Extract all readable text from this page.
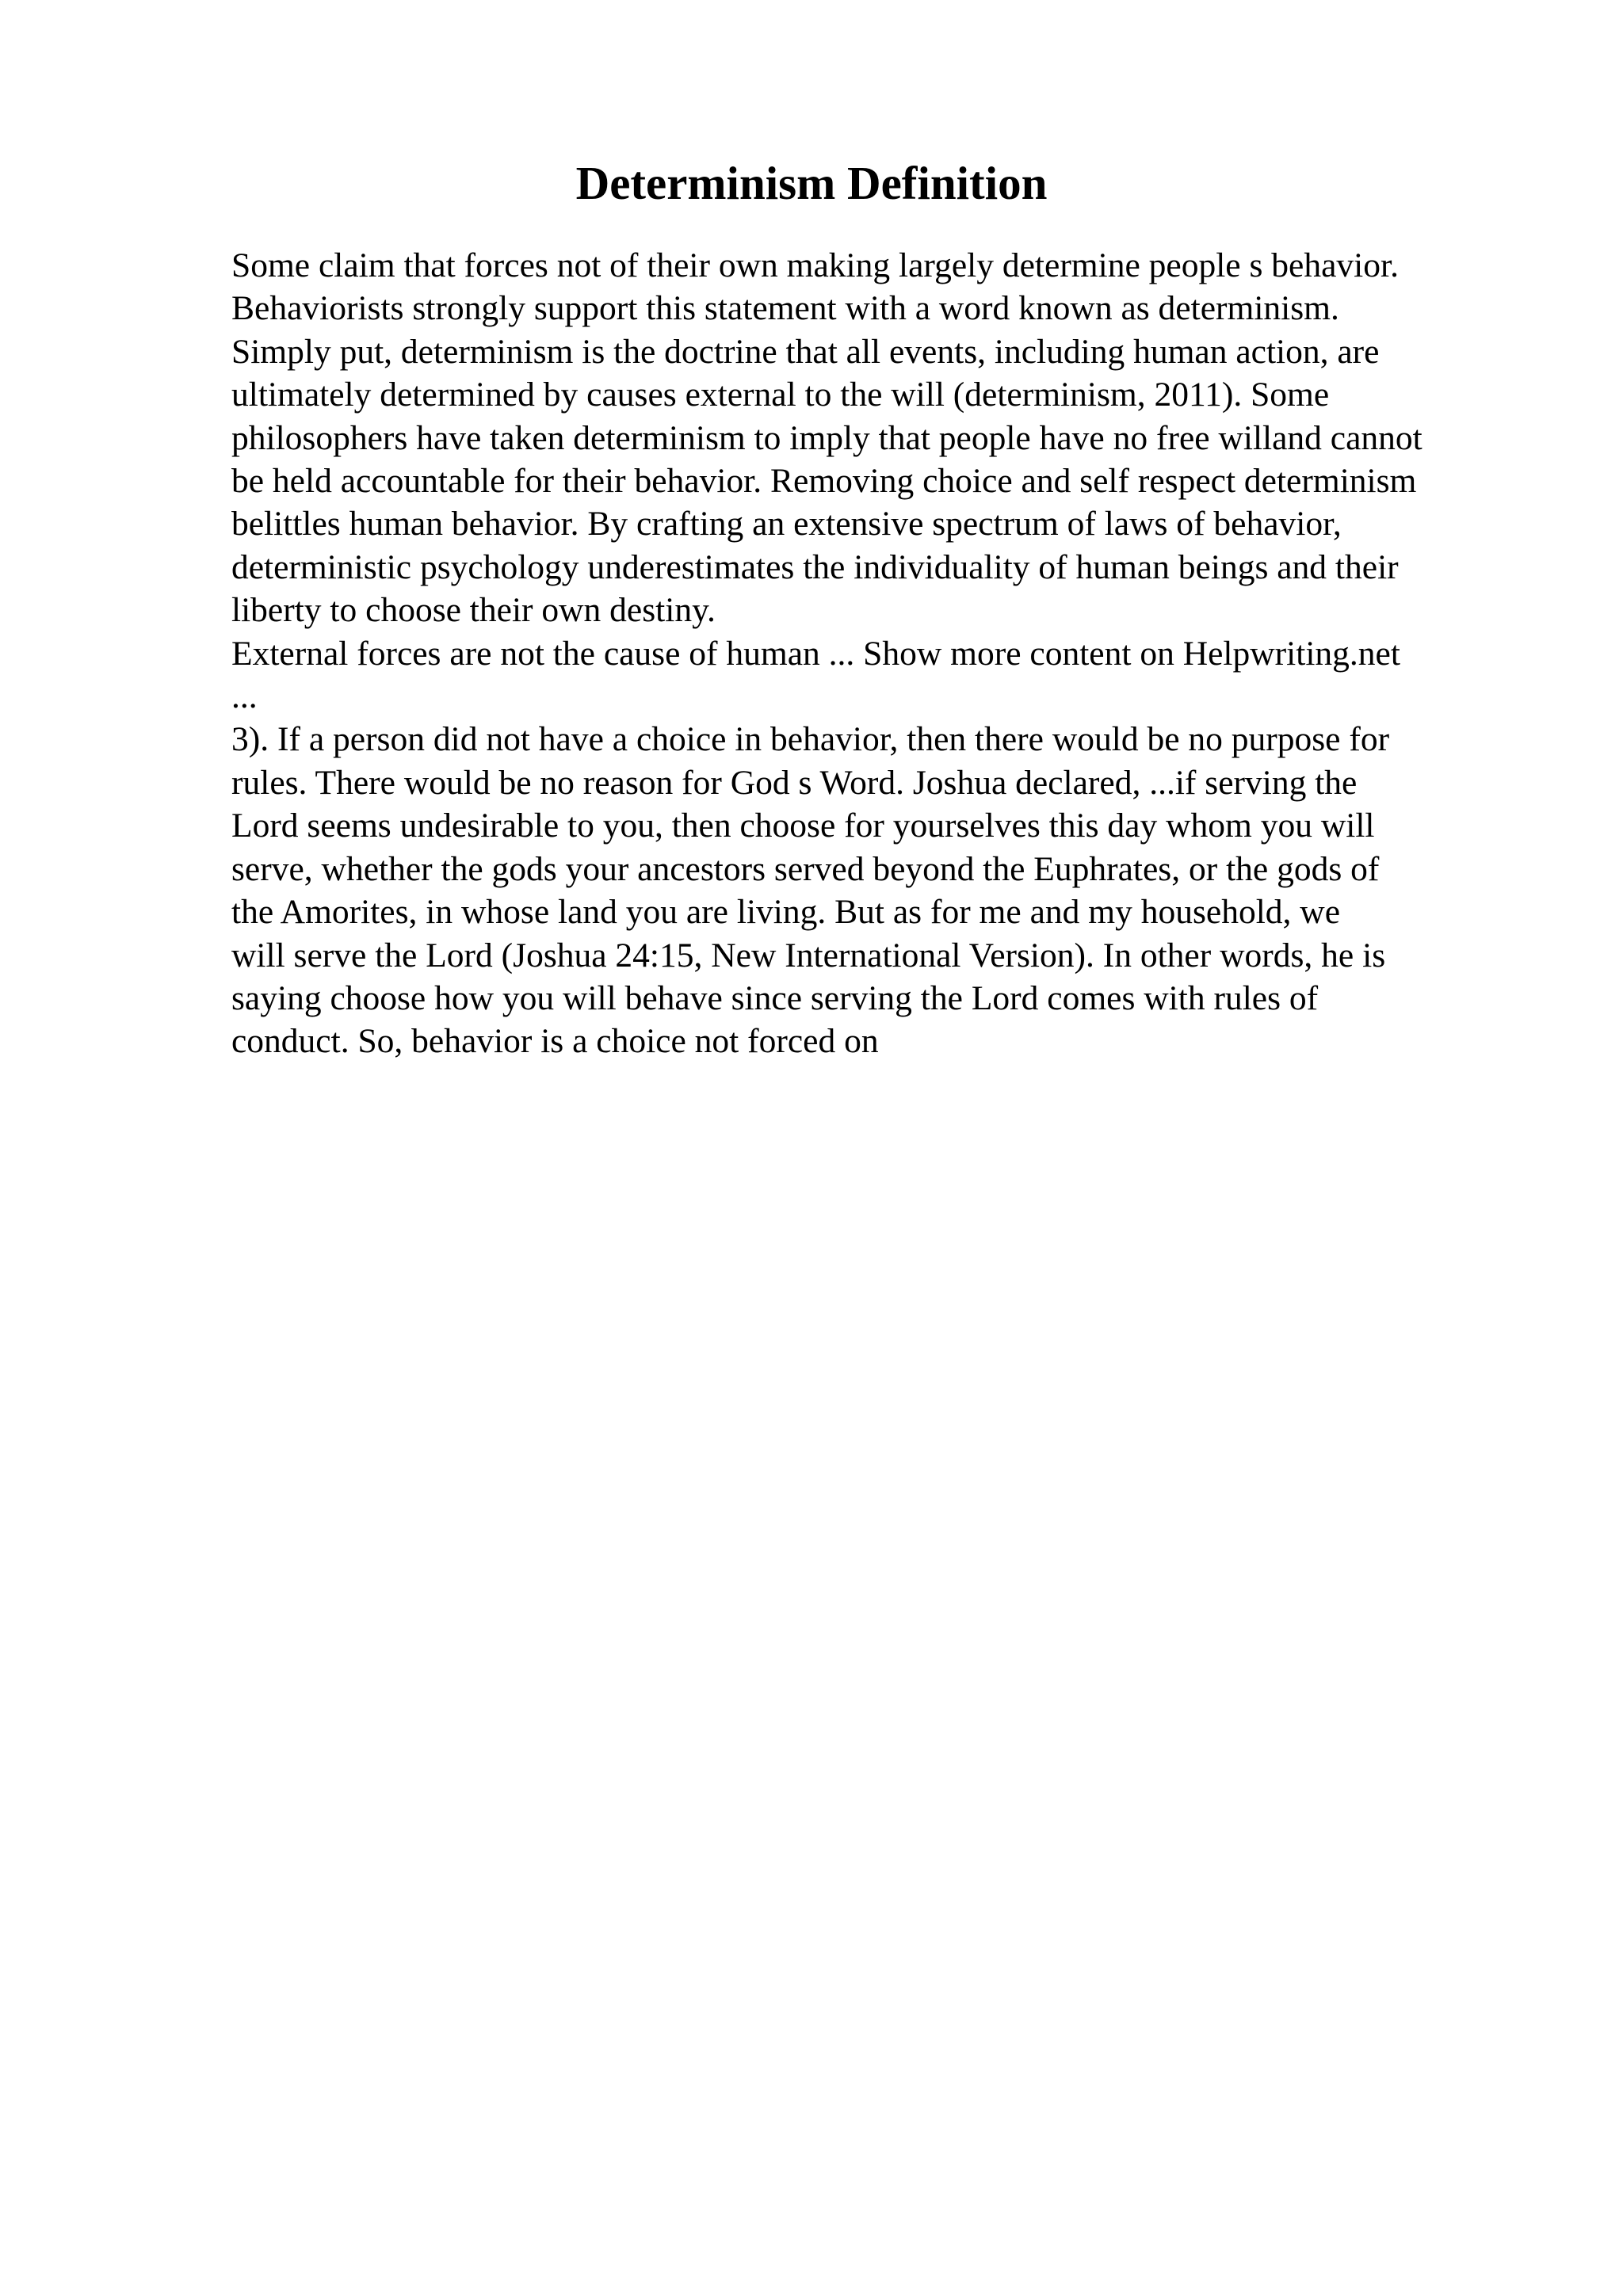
Determinism Definition
Some claim that forces not of their own making largely determine people s behavior.
Behaviorists strongly support this statement with a word known as determinism.
Simply put, determinism is the doctrine that all events, including human action, are
ultimately determined by causes external to the will (determinism, 2011). Some
philosophers have taken determinism to imply that people have no free willand cannot
be held accountable for their behavior. Removing choice and self respect determinism
belittles human behavior. By crafting an extensive spectrum of laws of behavior,
deterministic psychology underestimates the individuality of human beings and their
liberty to choose their own destiny.
External forces are not the cause of human ... Show more content on Helpwriting.net
...
3). If a person did not have a choice in behavior, then there would be no purpose for
rules. There would be no reason for God s Word. Joshua declared, ...if serving the
Lord seems undesirable to you, then choose for yourselves this day whom you will
serve, whether the gods your ancestors served beyond the Euphrates, or the gods of
the Amorites, in whose land you are living. But as for me and my household, we
will serve the Lord (Joshua 24:15, New International Version). In other words, he is
saying choose how you will behave since serving the Lord comes with rules of
conduct. So, behavior is a choice not forced on
